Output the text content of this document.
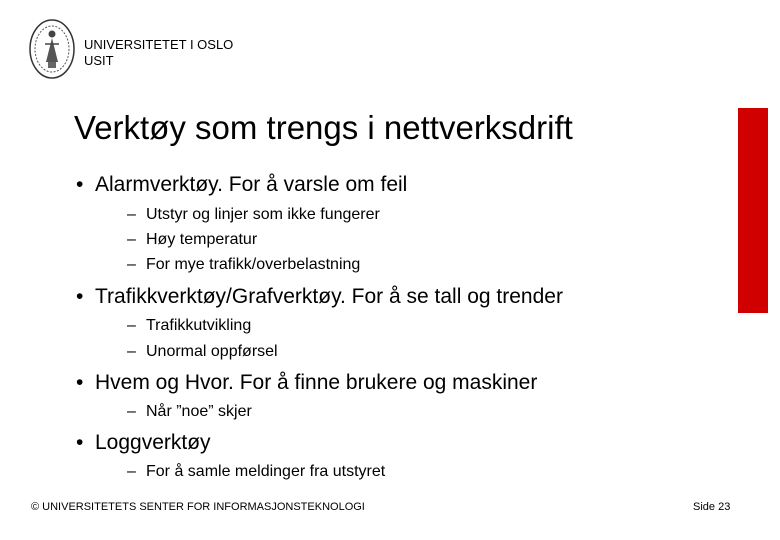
UNIVERSITETET I OSLO
USIT
Verktøy som trengs i nettverksdrift
• Alarmverktøy. For å varsle om feil
– Utstyr og linjer som ikke fungerer
– Høy temperatur
– For mye trafikk/overbelastning
• Trafikkverktøy/Grafverktøy. For å se tall og trender
– Trafikkutvikling
– Unormal oppførsel
• Hvem og Hvor. For å finne brukere og maskiner
– Når ”noe” skjer
• Loggverktøy
– For å samle meldinger fra utstyret
© UNIVERSITETETS SENTER FOR INFORMASJONSTEKNOLOGI	Side 23
